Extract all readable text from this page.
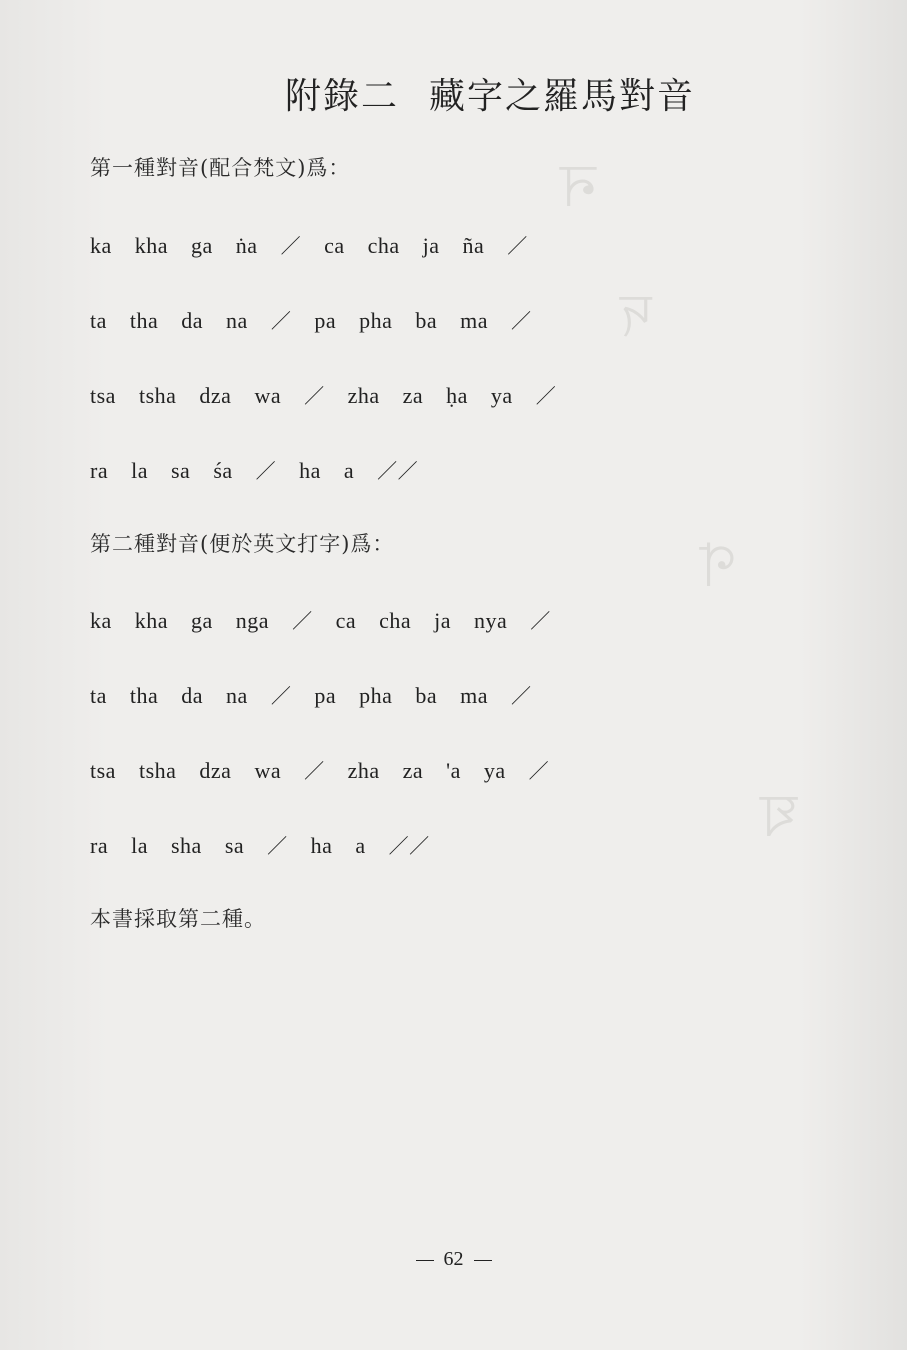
ন
দ
ণ
ঘ
附錄二 藏字之羅馬對音
第一種對音(配合梵文)爲：
ka kha ga ṅa ／ ca cha ja ña ／
ta tha da na ／ pa pha ba ma ／
tsa tsha dza wa ／ zha za ḥa ya ／
ra la sa śa ／ ha a ／／
第二種對音(便於英文打字)爲：
ka kha ga nga ／ ca cha ja nya ／
ta tha da na ／ pa pha ba ma ／
tsa tsha dza wa ／ zha za 'a ya ／
ra la sha sa ／ ha a ／／
本書採取第二種。
62
